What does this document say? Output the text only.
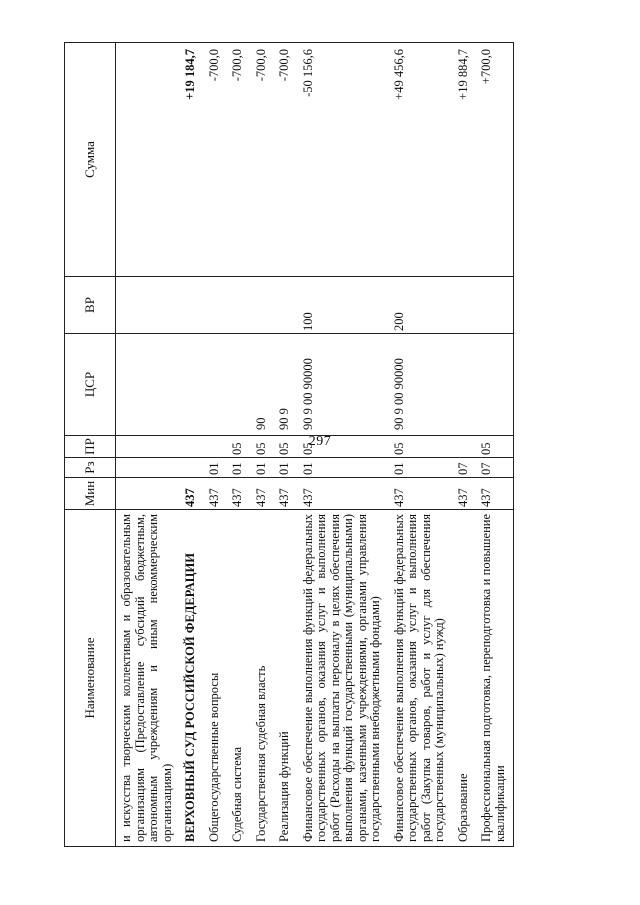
297
Наименование	Мин	Рз	ПР	ЦСР	ВР	Сумма
и искусства творческим коллективам и образовательным организациям (Предоставление субсидий бюджетным, автономным учреждениям и иным некоммерческим организациям)						
ВЕРХОВНЫЙ СУД РОССИЙСКОЙ ФЕДЕРАЦИИ	437					+19 184,7
Общегосударственные вопросы	437	01				-700,0
Судебная система	437	01	05			-700,0
Государственная судебная власть	437	01	05	90		-700,0
Реализация функций	437	01	05	90 9		-700,0
Финансовое обеспечение выполнения функций федеральных государственных органов, оказания услуг и выполнения работ (Расходы на выплаты персоналу в целях обеспечения выполнения функций государственными (муниципальными) органами, казенными учреждениями, органами управления государственными внебюджетными фондами)	437	01	05	90 9 00 90000	100	-50 156,6
Финансовое обеспечение выполнения функций федеральных государственных органов, оказания услуг и выполнения работ (Закупка товаров, работ и услуг для обеспечения государственных (муниципальных) нужд)	437	01	05	90 9 00 90000	200	+49 456,6
Образование	437	07				+19 884,7
Профессиональная подготовка, переподготовка и повышение квалификации	437	07	05			+700,0
